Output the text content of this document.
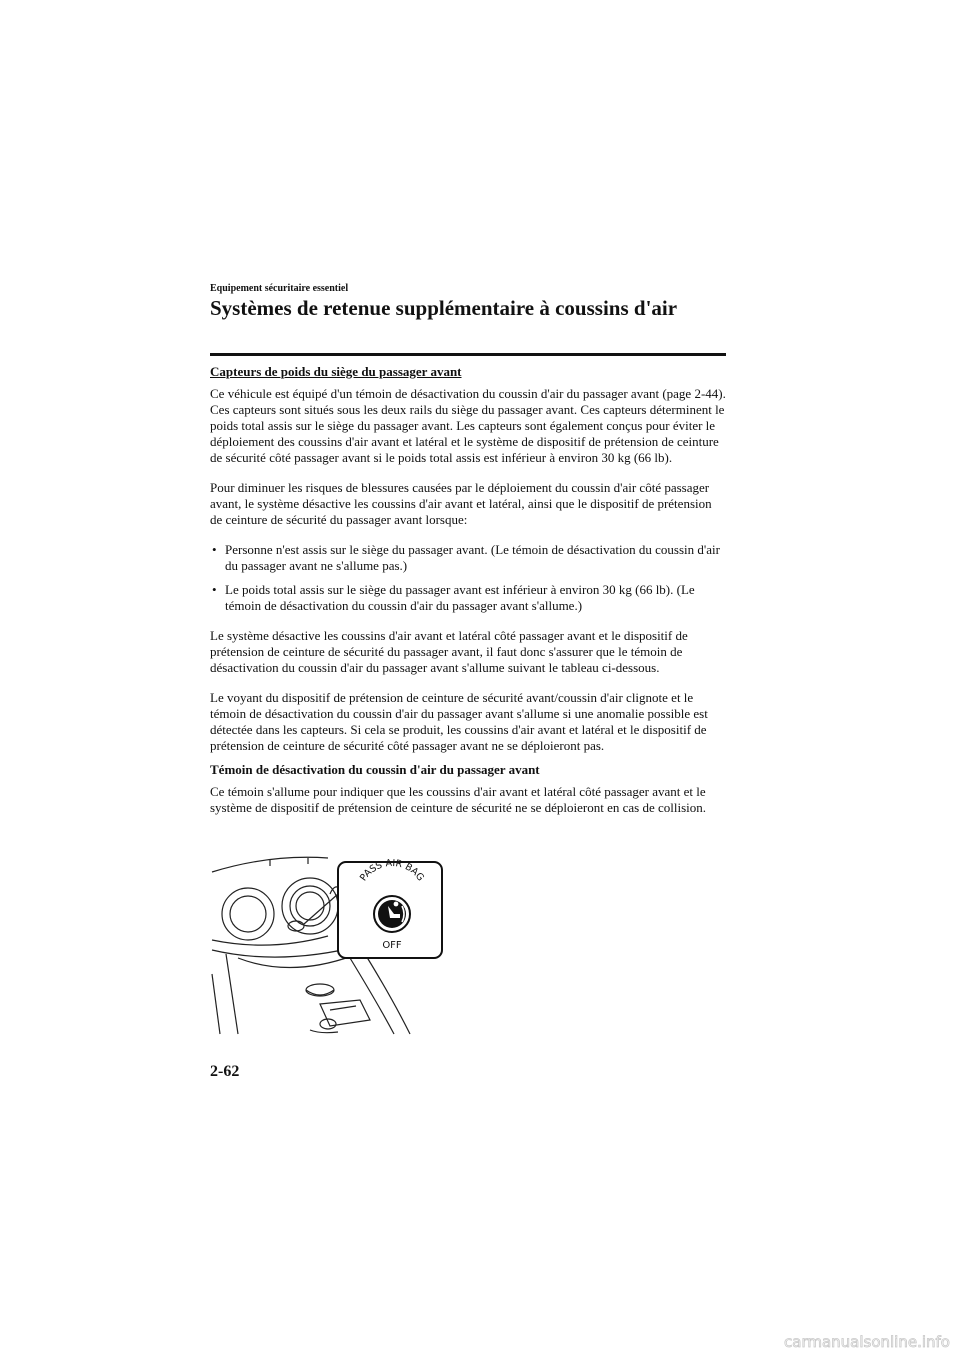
Equipement sécuritaire essentiel
Systèmes de retenue supplémentaire à coussins d'air

Capteurs de poids du siège du passager avant

Ce véhicule est équipé d'un témoin de désactivation du coussin d'air du passager avant (page 2-44). Ces capteurs sont situés sous les deux rails du siège du passager avant. Ces capteurs déterminent le poids total assis sur le siège du passager avant. Les capteurs sont également conçus pour éviter le déploiement des coussins d'air avant et latéral et le système de dispositif de prétension de ceinture de sécurité côté passager avant si le poids total assis est inférieur à environ 30 kg (66 lb).

Pour diminuer les risques de blessures causées par le déploiement du coussin d'air côté passager avant, le système désactive les coussins d'air avant et latéral, ainsi que le dispositif de prétension de ceinture de sécurité du passager avant lorsque:

• Personne n'est assis sur le siège du passager avant. (Le témoin de désactivation du coussin d'air du passager avant ne s'allume pas.)
• Le poids total assis sur le siège du passager avant est inférieur à environ 30 kg (66 lb). (Le témoin de désactivation du coussin d'air du passager avant s'allume.)

Le système désactive les coussins d'air avant et latéral côté passager avant et le dispositif de prétension de ceinture de sécurité du passager avant, il faut donc s'assurer que le témoin de désactivation du coussin d'air du passager avant s'allume suivant le tableau ci-dessous.

Le voyant du dispositif de prétension de ceinture de sécurité avant/coussin d'air clignote et le témoin de désactivation du coussin d'air du passager avant s'allume si une anomalie possible est détectée dans les capteurs. Si cela se produit, les coussins d'air avant et latéral et le dispositif de prétension de ceinture de sécurité côté passager avant ne se déploieront pas.

Témoin de désactivation du coussin d'air du passager avant

Ce témoin s'allume pour indiquer que les coussins d'air avant et latéral côté passager avant et le système de dispositif de prétension de ceinture de sécurité ne se déploieront en cas de collision.

PASS AIR BAG
OFF
2-62
carmanualsonline.info
